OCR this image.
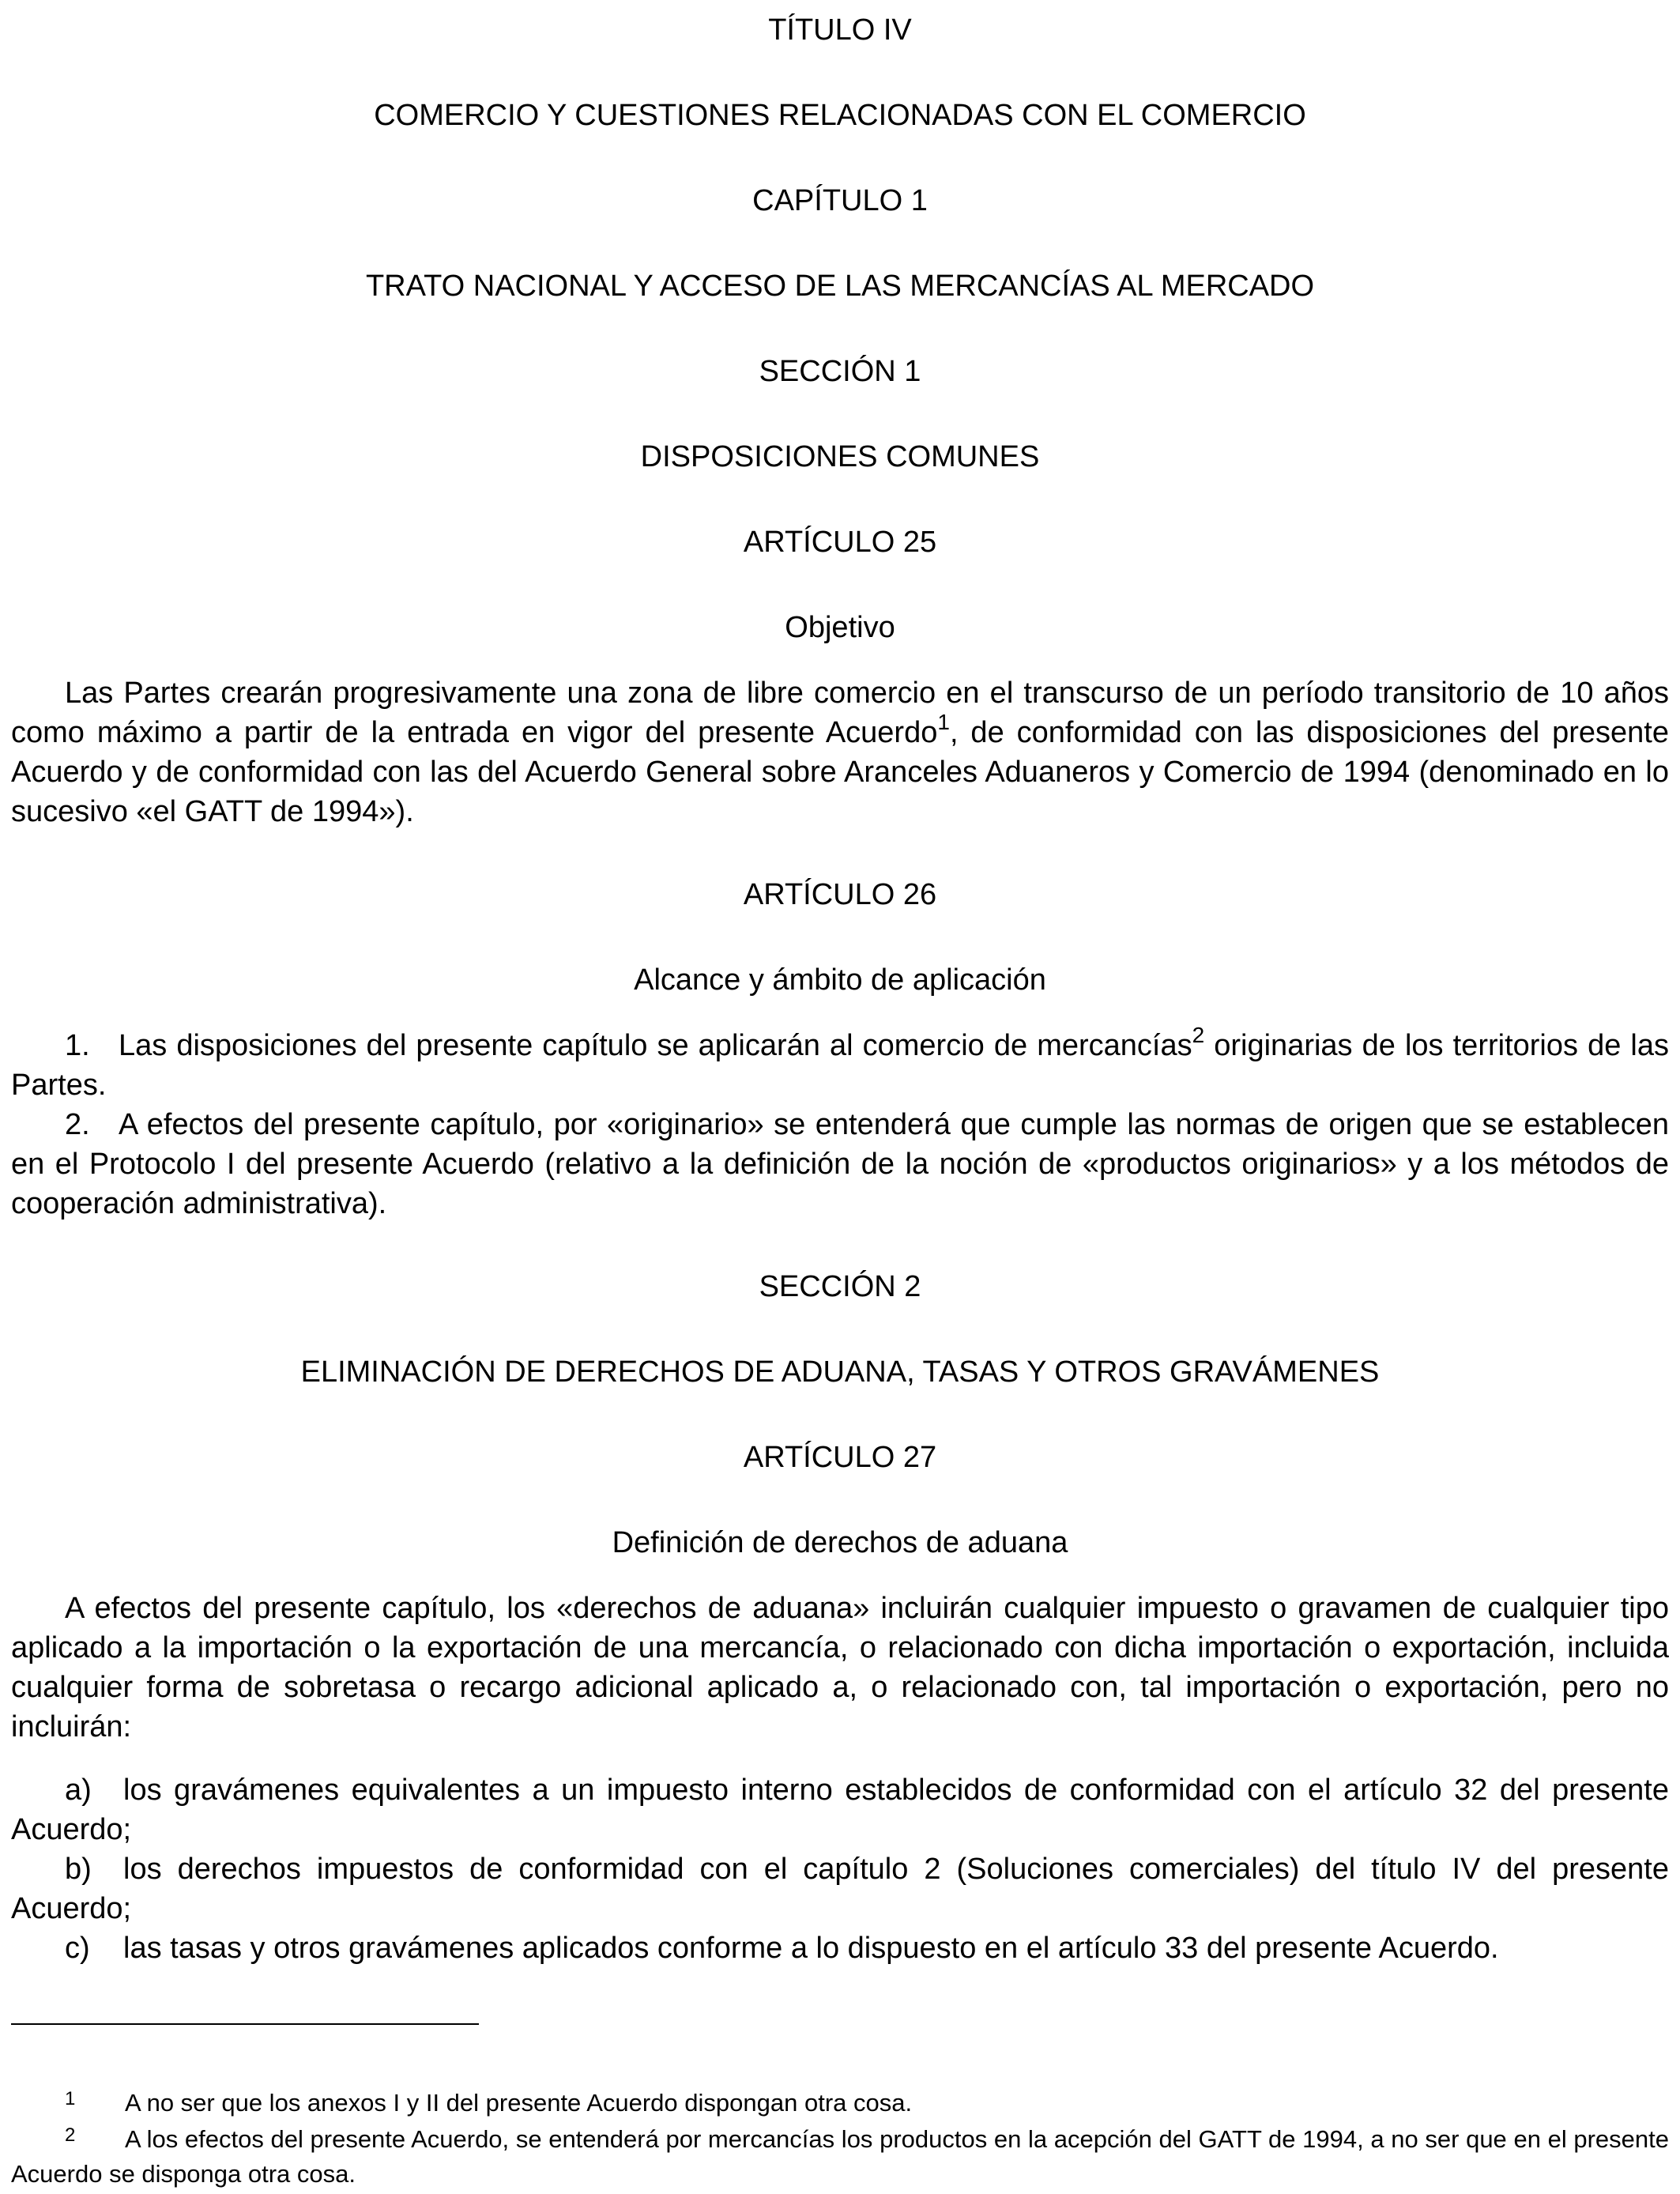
TÍTULO IV
COMERCIO Y CUESTIONES RELACIONADAS CON EL COMERCIO
CAPÍTULO 1
TRATO NACIONAL Y ACCESO DE LAS MERCANCÍAS AL MERCADO
SECCIÓN 1
DISPOSICIONES COMUNES
ARTÍCULO 25
Objetivo

Las Partes crearán progresivamente una zona de libre comercio en el transcurso de un período transitorio de 10 años como máximo a partir de la entrada en vigor del presente Acuerdo$^1$, de conformidad con las disposiciones del presente Acuerdo y de conformidad con las del Acuerdo General sobre Aranceles Aduaneros y Comercio de 1994 (denominado en lo sucesivo «el GATT de 1994»).

ARTÍCULO 26
Alcance y ámbito de aplicación

1. Las disposiciones del presente capítulo se aplicarán al comercio de mercancías$^2$ originarias de los territorios de las Partes.

2. A efectos del presente capítulo, por «originario» se entenderá que cumple las normas de origen que se establecen en el Protocolo I del presente Acuerdo (relativo a la definición de la noción de «productos originarios» y a los métodos de cooperación administrativa).

SECCIÓN 2
ELIMINACIÓN DE DERECHOS DE ADUANA, TASAS Y OTROS GRAVÁMENES
ARTÍCULO 27
Definición de derechos de aduana

A efectos del presente capítulo, los «derechos de aduana» incluirán cualquier impuesto o gravamen de cualquier tipo aplicado a la importación o la exportación de una mercancía, o relacionado con dicha importación o exportación, incluida cualquier forma de sobretasa o recargo adicional aplicado a, o relacionado con, tal importación o exportación, pero no incluirán:

a) los gravámenes equivalentes a un impuesto interno establecidos de conformidad con el artículo 32 del presente Acuerdo;

b) los derechos impuestos de conformidad con el capítulo 2 (Soluciones comerciales) del título IV del presente Acuerdo;

c) las tasas y otros gravámenes aplicados conforme a lo dispuesto en el artículo 33 del presente Acuerdo.

1 A no ser que los anexos I y II del presente Acuerdo dispongan otra cosa.

2 A los efectos del presente Acuerdo, se entenderá por mercancías los productos en la acepción del GATT de 1994, a no ser que en el presente Acuerdo se disponga otra cosa.
